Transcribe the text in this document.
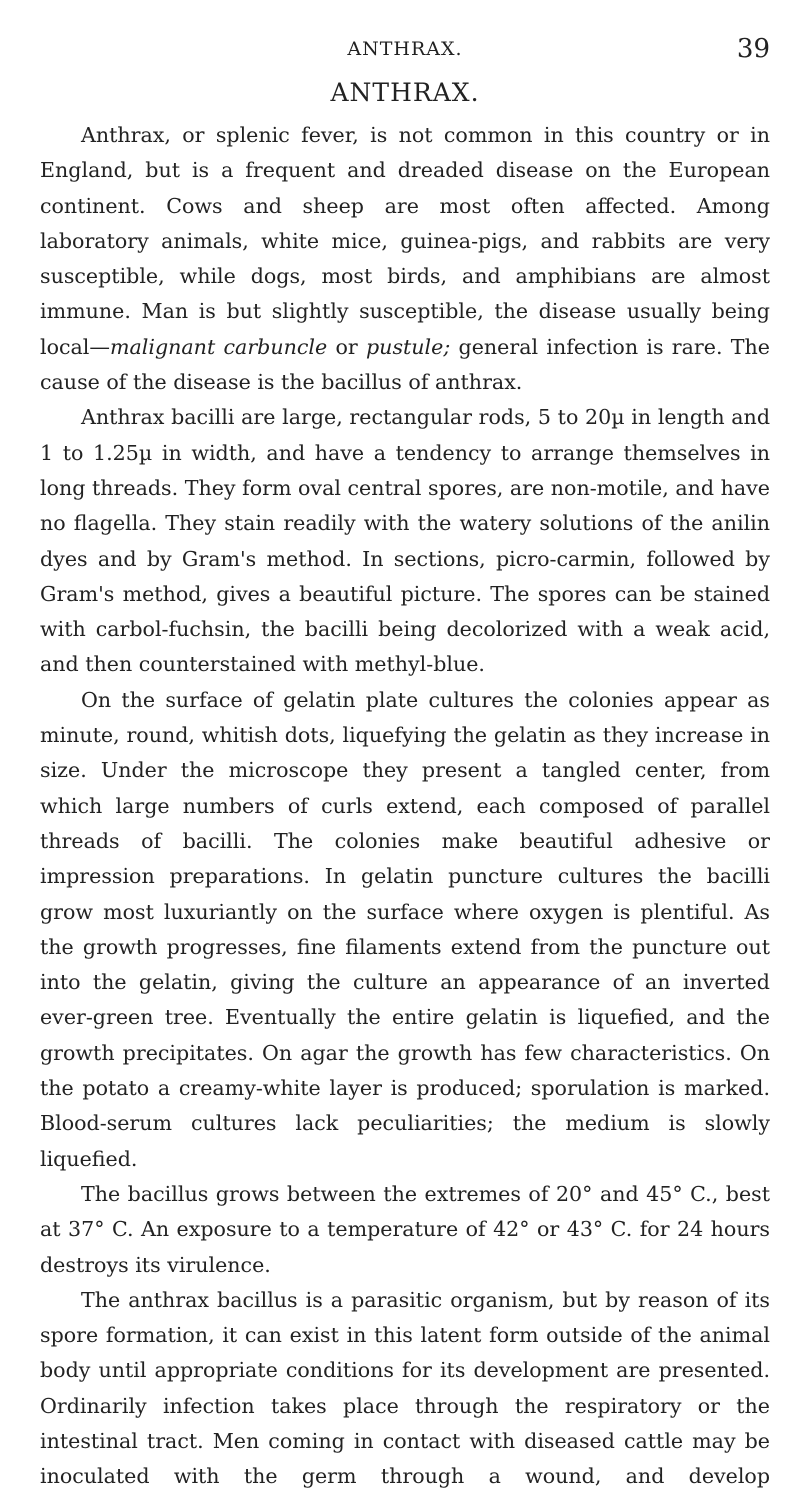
ANTHRAX.	39
ANTHRAX.

Anthrax, or splenic fever, is not common in this country or in England, but is a frequent and dreaded disease on the European continent. Cows and sheep are most often affected. Among laboratory animals, white mice, guinea-pigs, and rabbits are very susceptible, while dogs, most birds, and amphibians are almost immune. Man is but slightly susceptible, the disease usually being local—malignant carbuncle or pustule; general infection is rare. The cause of the disease is the bacillus of anthrax.

Anthrax bacilli are large, rectangular rods, 5 to 20µ in length and 1 to 1.25µ in width, and have a tendency to arrange themselves in long threads. They form oval central spores, are non-motile, and have no flagella. They stain readily with the watery solutions of the anilin dyes and by Gram's method. In sections, picro-carmin, followed by Gram's method, gives a beautiful picture. The spores can be stained with carbol-fuchsin, the bacilli being decolorized with a weak acid, and then counterstained with methyl-blue.

On the surface of gelatin plate cultures the colonies appear as minute, round, whitish dots, liquefying the gelatin as they increase in size. Under the microscope they present a tangled center, from which large numbers of curls extend, each composed of parallel threads of bacilli. The colonies make beautiful adhesive or impression preparations. In gelatin puncture cultures the bacilli grow most luxuriantly on the surface where oxygen is plentiful. As the growth progresses, fine filaments extend from the puncture out into the gelatin, giving the culture an appearance of an inverted ever-green tree. Eventually the entire gelatin is liquefied, and the growth precipitates. On agar the growth has few characteristics. On the potato a creamy-white layer is produced; sporulation is marked. Blood-serum cultures lack peculiarities; the medium is slowly liquefied.

The bacillus grows between the extremes of 20° and 45° C., best at 37° C. An exposure to a temperature of 42° or 43° C. for 24 hours destroys its virulence.

The anthrax bacillus is a parasitic organism, but by reason of its spore formation, it can exist in this latent form outside of the animal body until appropriate conditions for its development are presented. Ordinarily infection takes place through the respiratory or the intestinal tract. Men coming in contact with diseased cattle may be inoculated with the germ through a wound, and develop
